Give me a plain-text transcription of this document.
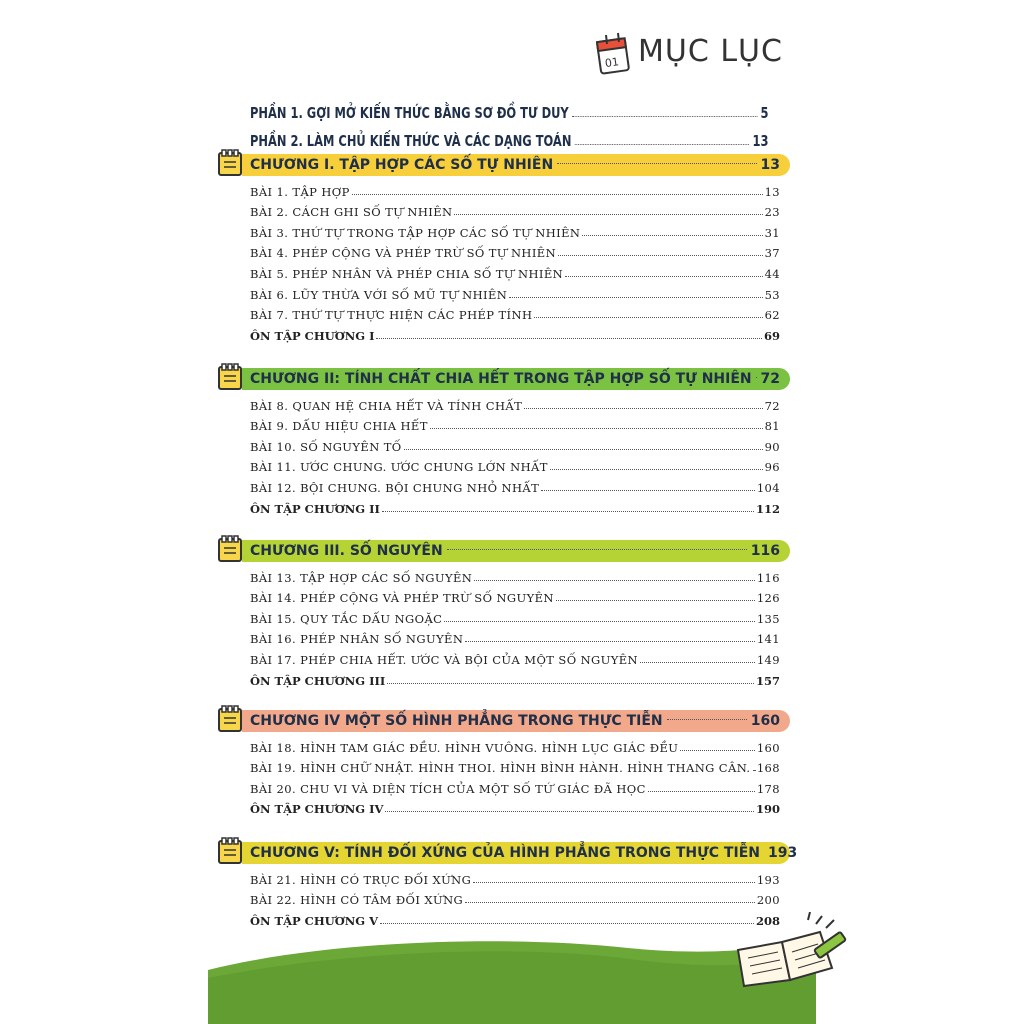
01 MỤC LỤC
PHẦN 1. GỢI MỞ KIẾN THỨC BẰNG SƠ ĐỒ TƯ DUY	5
PHẦN 2. LÀM CHỦ KIẾN THỨC VÀ CÁC DẠNG TOÁN	13
CHƯƠNG I. TẬP HỢP CÁC SỐ TỰ NHIÊN	13
BÀI 1. TẬP HỢP	13
BÀI 2. CÁCH GHI SỐ TỰ NHIÊN	23
BÀI 3. THỨ TỰ TRONG TẬP HỢP CÁC SỐ TỰ NHIÊN	31
BÀI 4. PHÉP CỘNG VÀ PHÉP TRỪ SỐ TỰ NHIÊN	37
BÀI 5. PHÉP NHÂN VÀ PHÉP CHIA SỐ TỰ NHIÊN	44
BÀI 6. LŨY THỪA VỚI SỐ MŨ TỰ NHIÊN	53
BÀI 7. THỨ TỰ THỰC HIỆN CÁC PHÉP TÍNH	62
ÔN TẬP CHƯƠNG I	69
CHƯƠNG II: TÍNH CHẤT CHIA HẾT TRONG TẬP HỢP SỐ TỰ NHIÊN 72
BÀI 8. QUAN HỆ CHIA HẾT VÀ TÍNH CHẤT	72
BÀI 9. DẤU HIỆU CHIA HẾT	81
BÀI 10. SỐ NGUYÊN TỐ	90
BÀI 11. ƯỚC CHUNG. ƯỚC CHUNG LỚN NHẤT	96
BÀI 12. BỘI CHUNG. BỘI CHUNG NHỎ NHẤT	104
ÔN TẬP CHƯƠNG II	112
CHƯƠNG III. SỐ NGUYÊN	116
BÀI 13. TẬP HỢP CÁC SỐ NGUYÊN	116
BÀI 14. PHÉP CỘNG VÀ PHÉP TRỪ SỐ NGUYÊN	126
BÀI 15. QUY TẮC DẤU NGOẶC	135
BÀI 16. PHÉP NHÂN SỐ NGUYÊN	141
BÀI 17. PHÉP CHIA HẾT. ƯỚC VÀ BỘI CỦA MỘT SỐ NGUYÊN	149
ÔN TẬP CHƯƠNG III	157
CHƯƠNG IV MỘT SỐ HÌNH PHẲNG TRONG THỰC TIỄN	160
BÀI 18. HÌNH TAM GIÁC ĐỀU. HÌNH VUÔNG. HÌNH LỤC GIÁC ĐỀU	160
BÀI 19. HÌNH CHỮ NHẬT. HÌNH THOI. HÌNH BÌNH HÀNH. HÌNH THANG CÂN. 168
BÀI 20. CHU VI VÀ DIỆN TÍCH CỦA MỘT SỐ TỨ GIÁC ĐÃ HỌC	178
ÔN TẬP CHƯƠNG IV	190
CHƯƠNG V: TÍNH ĐỐI XỨNG CỦA HÌNH PHẲNG TRONG THỰC TIỄN 193
BÀI 21. HÌNH CÓ TRỤC ĐỐI XỨNG	193
BÀI 22. HÌNH CÓ TÂM ĐỐI XỨNG	200
ÔN TẬP CHƯƠNG V	208
